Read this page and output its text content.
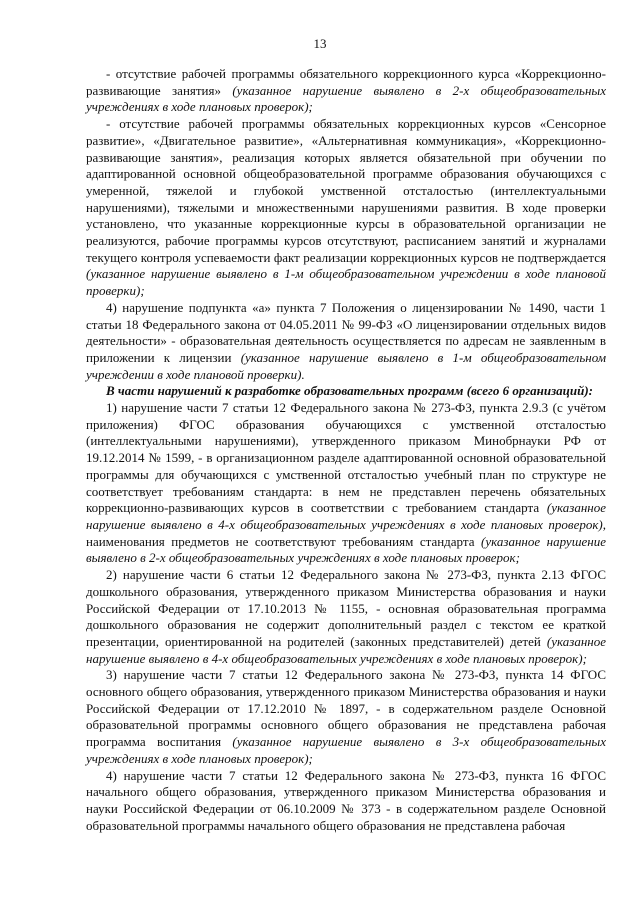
13

- отсутствие рабочей программы обязательного коррекционного курса «Коррекционно-развивающие занятия» (указанное нарушение выявлено в 2-х общеобразовательных учреждениях в ходе плановых проверок);

- отсутствие рабочей программы обязательных коррекционных курсов «Сенсорное развитие», «Двигательное развитие», «Альтернативная коммуникация», «Коррекционно-развивающие занятия», реализация которых является обязательной при обучении по адаптированной основной общеобразовательной программе образования обучающихся с умеренной, тяжелой и глубокой умственной отсталостью (интеллектуальными нарушениями), тяжелыми и множественными нарушениями развития. В ходе проверки установлено, что указанные коррекционные курсы в образовательной организации не реализуются, рабочие программы курсов отсутствуют, расписанием занятий и журналами текущего контроля успеваемости факт реализации коррекционных курсов не подтверждается (указанное нарушение выявлено в 1-м общеобразовательном учреждении в ходе плановой проверки);

4) нарушение подпункта «а» пункта 7 Положения о лицензировании № 1490, части 1 статьи 18 Федерального закона от 04.05.2011 № 99-ФЗ «О лицензировании отдельных видов деятельности» - образовательная деятельность осуществляется по адресам не заявленным в приложении к лицензии (указанное нарушение выявлено в 1-м общеобразовательном учреждении в ходе плановой проверки).

В части нарушений к разработке образовательных программ (всего 6 организаций):

1) нарушение части 7 статьи 12 Федерального закона № 273-ФЗ, пункта 2.9.3 (с учётом приложения) ФГОС образования обучающихся с умственной отсталостью (интеллектуальными нарушениями), утвержденного приказом Минобрнауки РФ от 19.12.2014 № 1599, - в организационном разделе адаптированной основной образовательной программы для обучающихся с умственной отсталостью учебный план по структуре не соответствует требованиям стандарта: в нем не представлен перечень обязательных коррекционно-развивающих курсов в соответствии с требованием стандарта (указанное нарушение выявлено в 4-х общеобразовательных учреждениях в ходе плановых проверок), наименования предметов не соответствуют требованиям стандарта (указанное нарушение выявлено в 2-х общеобразовательных учреждениях в ходе плановых проверок;

2) нарушение части 6 статьи 12 Федерального закона № 273-ФЗ, пункта 2.13 ФГОС дошкольного образования, утвержденного приказом Министерства образования и науки Российской Федерации от 17.10.2013 № 1155, - основная образовательная программа дошкольного образования не содержит дополнительный раздел с текстом ее краткой презентации, ориентированной на родителей (законных представителей) детей (указанное нарушение выявлено в 4-х общеобразовательных учреждениях в ходе плановых проверок);

3) нарушение части 7 статьи 12 Федерального закона № 273-ФЗ, пункта 14 ФГОС основного общего образования, утвержденного приказом Министерства образования и науки Российской Федерации от 17.12.2010 № 1897, - в содержательном разделе Основной образовательной программы основного общего образования не представлена рабочая программа воспитания (указанное нарушение выявлено в 3-х общеобразовательных учреждениях в ходе плановых проверок);

4) нарушение части 7 статьи 12 Федерального закона № 273-ФЗ, пункта 16 ФГОС начального общего образования, утвержденного приказом Министерства образования и науки Российской Федерации от 06.10.2009 № 373 - в содержательном разделе Основной образовательной программы начального общего образования не представлена рабочая
